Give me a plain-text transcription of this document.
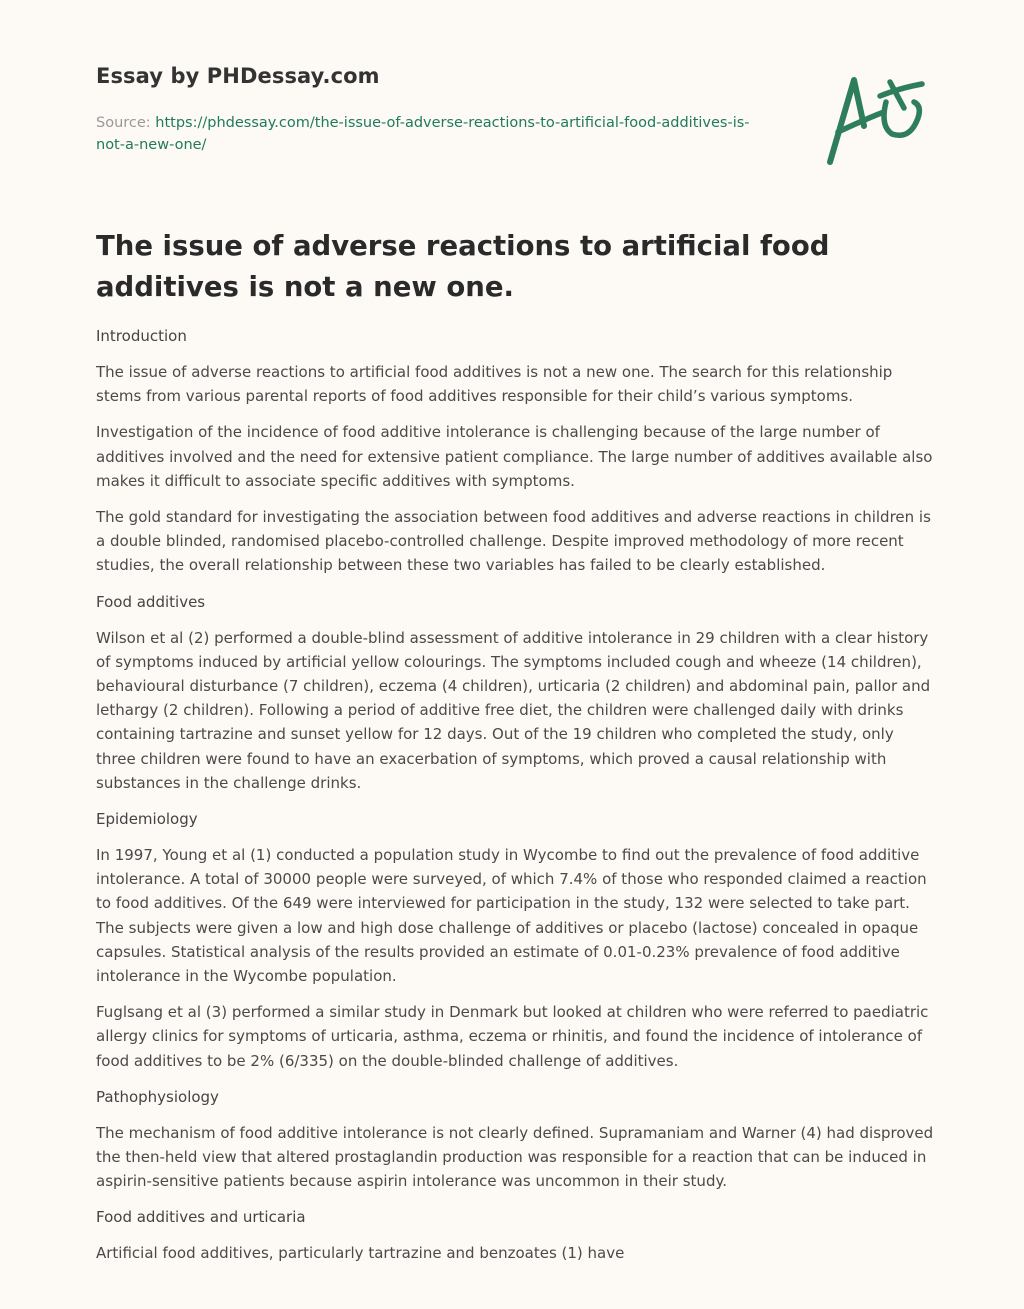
Essay by PHDessay.com
Source: https://phdessay.com/the-issue-of-adverse-reactions-to-artificial-food-additives-is-not-a-new-one/
The issue of adverse reactions to artificial food additives is not a new one.
Introduction

The issue of adverse reactions to artificial food additives is not a new one. The search for this relationship stems from various parental reports of food additives responsible for their child’s various symptoms.

Investigation of the incidence of food additive intolerance is challenging because of the large number of additives involved and the need for extensive patient compliance. The large number of additives available also makes it difficult to associate specific additives with symptoms.

The gold standard for investigating the association between food additives and adverse reactions in children is a double blinded, randomised placebo-controlled challenge. Despite improved methodology of more recent studies, the overall relationship between these two variables has failed to be clearly established.

Food additives

Wilson et al (2) performed a double-blind assessment of additive intolerance in 29 children with a clear history of symptoms induced by artificial yellow colourings. The symptoms included cough and wheeze (14 children), behavioural disturbance (7 children), eczema (4 children), urticaria (2 children) and abdominal pain, pallor and lethargy (2 children). Following a period of additive free diet, the children were challenged daily with drinks containing tartrazine and sunset yellow for 12 days. Out of the 19 children who completed the study, only three children were found to have an exacerbation of symptoms, which proved a causal relationship with substances in the challenge drinks.

Epidemiology

In 1997, Young et al (1) conducted a population study in Wycombe to find out the prevalence of food additive intolerance. A total of 30000 people were surveyed, of which 7.4% of those who responded claimed a reaction to food additives. Of the 649 were interviewed for participation in the study, 132 were selected to take part. The subjects were given a low and high dose challenge of additives or placebo (lactose) concealed in opaque capsules. Statistical analysis of the results provided an estimate of 0.01-0.23% prevalence of food additive intolerance in the Wycombe population.

Fuglsang et al (3) performed a similar study in Denmark but looked at children who were referred to paediatric allergy clinics for symptoms of urticaria, asthma, eczema or rhinitis, and found the incidence of intolerance of food additives to be 2% (6/335) on the double-blinded challenge of additives.

Pathophysiology

The mechanism of food additive intolerance is not clearly defined. Supramaniam and Warner (4) had disproved the then-held view that altered prostaglandin production was responsible for a reaction that can be induced in aspirin-sensitive patients because aspirin intolerance was uncommon in their study.

Food additives and urticaria

Artificial food additives, particularly tartrazine and benzoates (1) have
